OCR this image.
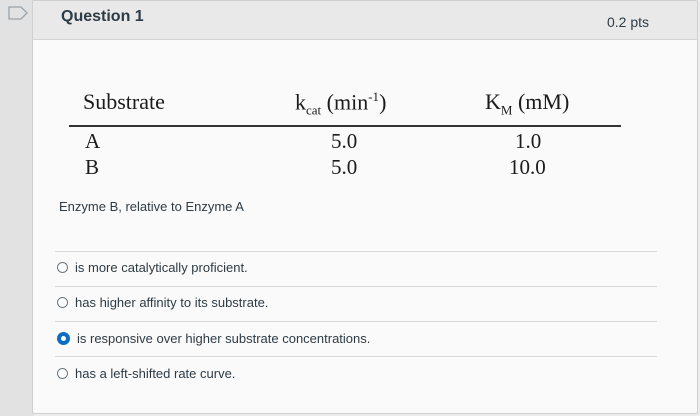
Question 1	0.2 pts
Substrate	$k_{cat}$ $(\min^{-1})$	$K_M$ (mM)
A	5.0	1.0
B	5.0	10.0
Enzyme B, relative to Enzyme A
is more catalytically proficient.
has higher affinity to its substrate.
is responsive over higher substrate concentrations.
has a left-shifted rate curve.
